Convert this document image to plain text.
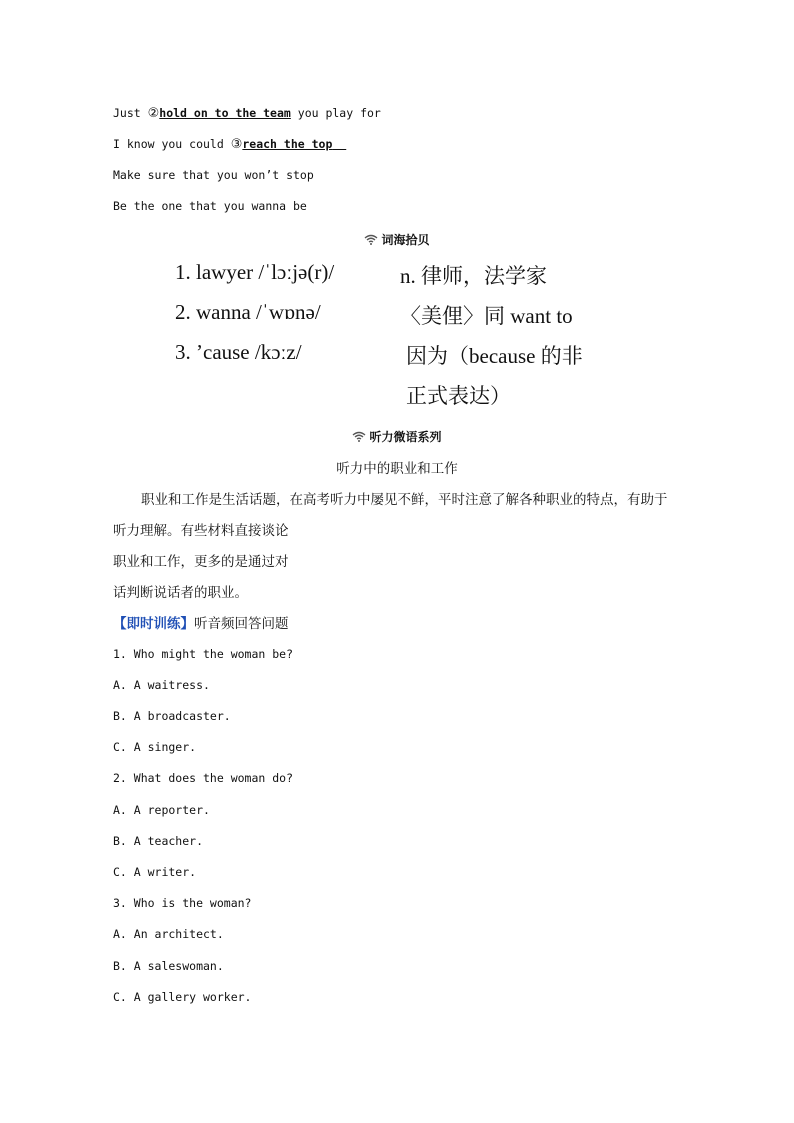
Just ②hold on to the team you play for
I know you could ③reach the top
Make sure that you won’t stop
Be the one that you wanna be
词海拾贝
1. lawyer /ˈlɔːjə(r)/	n. 律师，法学家
2. wanna /ˈwɒnə/	〈美俚〉同 want to
3. ’cause /kɔːz/	因为（because 的非
正式表达）
听力微语系列
听力中的职业和工作
职业和工作是生活话题，在高考听力中屡见不鲜，平时注意了解各种职业的特点，有助于
听力理解。有些材料直接谈论
职业和工作，更多的是通过对
话判断说话者的职业。
【即时训练】听音频回答问题
1. Who might the woman be?
A. A waitress.
B. A broadcaster.
C. A singer.
2. What does the woman do?
A. A reporter.
B. A teacher.
C. A writer.
3. Who is the woman?
A. An architect.
B. A saleswoman.
C. A gallery worker.
